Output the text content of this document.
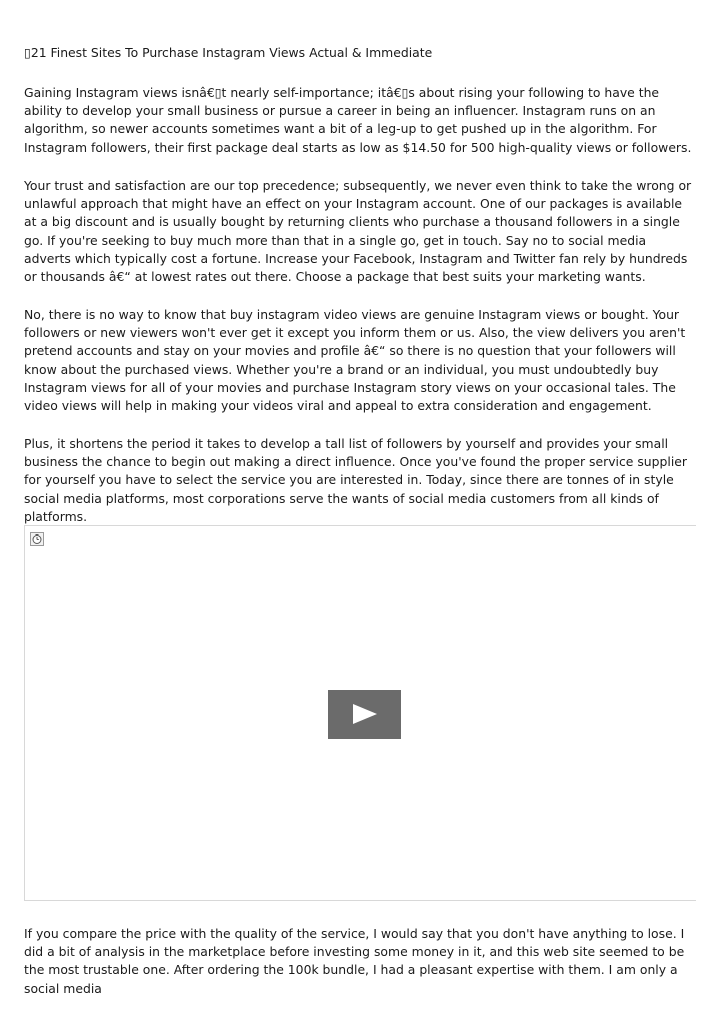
▯21 Finest Sites To Purchase Instagram Views Actual & Immediate

Gaining Instagram views isnâ€▯t nearly self-importance; itâ€▯s about rising your following to have the ability to develop your small business or pursue a career in being an influencer. Instagram runs on an algorithm, so newer accounts sometimes want a bit of a leg-up to get pushed up in the algorithm. For Instagram followers, their first package deal starts as low as $14.50 for 500 high-quality views or followers.

Your trust and satisfaction are our top precedence; subsequently, we never even think to take the wrong or unlawful approach that might have an effect on your Instagram account. One of our packages is available at a big discount and is usually bought by returning clients who purchase a thousand followers in a single go. If you're seeking to buy much more than that in a single go, get in touch. Say no to social media adverts which typically cost a fortune. Increase your Facebook, Instagram and Twitter fan rely by hundreds or thousands â€“ at lowest rates out there. Choose a package that best suits your marketing wants.

No, there is no way to know that buy instagram video views are genuine Instagram views or bought. Your followers or new viewers won't ever get it except you inform them or us. Also, the view delivers you aren't pretend accounts and stay on your movies and profile â€“ so there is no question that your followers will know about the purchased views. Whether you're a brand or an individual, you must undoubtedly buy Instagram views for all of your movies and purchase Instagram story views on your occasional tales. The video views will help in making your videos viral and appeal to extra consideration and engagement.

Plus, it shortens the period it takes to develop a tall list of followers by yourself and provides your small business the chance to begin out making a direct influence. Once you've found the proper service supplier for yourself you have to select the service you are interested in. Today, since there are tonnes of in style social media platforms, most corporations serve the wants of social media customers from all kinds of platforms.

If you compare the price with the quality of the service, I would say that you don't have anything to lose. I did a bit of analysis in the marketplace before investing some money in it, and this web site seemed to be the most trustable one. After ordering the 100k bundle, I had a pleasant expertise with them. I am only a social media
